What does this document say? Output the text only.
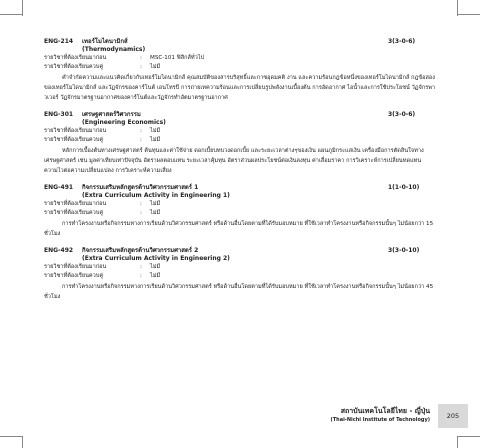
ENG-214	เทอร์โมไดนามิกส์
(Thermodynamics)
3(3-0-6)
รายวิชาที่ต้องเรียนมาก่อน	:	MSC-101 ฟิสิกส์ทั่วไป
รายวิชาที่ต้องเรียนควบคู่	:	ไม่มี
คำจำกัดความและแนวคิดเกี่ยวกับเทอร์โมไดนามิกส์ คุณสมบัติของสารบริสุทธิ์และกาซอุดมคติ งาน และความร้อนกฎข้อหนึ่งของเทอร์โมไดนามิกส์ กฎข้อสองของเทอร์โมไดนามิกส์ และวัฏจักรของคาร์โนต์ เอนโทรปี การถ่ายเทความร้อนและการเปลี่ยนรูปพลังงานเบื้องต้น การอัดอากาศ ไอน้ำและการใช้ประโยชน์ วัฏจักรพาวเวอร์ วัฏจักรมาตรฐานอากาศของคาร์โนต์และวัฏจักรทำอัตมาตรฐานอากาศ
ENG-301	เศรษฐศาสตร์วิศวกรรม
(Engineering Economics)
3(3-0-6)
รายวิชาที่ต้องเรียนมาก่อน	:	ไม่มี
รายวิชาที่ต้องเรียนควบคู่	:	ไม่มี
หลักการเบื้องต้นทางเศรษฐศาสตร์ ต้นทุนและค่าใช้จ่าย ดอกเบี้ยบทบวงดอกเบี้ย และระยะเวลาต่างๆของเงิน แผนภูมิกระแสเงิน เครื่องมือการตัดสินใจทางเศรษฐศาสตร์ เช่น มูลค่าเทียบเท่าปัจจุบัน อัตราผลตอบแทน ระยะเวลาคุ้มทุน อัตราส่วนผลประโยชน์ต่อเงินลงทุน ค่าเสื่อมราคา การวิเคราะห์การเปลี่ยนทดแทน ความไวต่อความเปลี่ยนแปลง การวิเคราะห์ความเสี่ยง
ENG-491	กิจกรรมเสริมหลักสูตรด้านวิศวกรรมศาสตร์ 1
(Extra Curriculum Activity in Engineering 1)
1(1-0-10)
รายวิชาที่ต้องเรียนมาก่อน	:	ไม่มี
รายวิชาที่ต้องเรียนควบคู่	:	ไม่มี
การทำโครงงานหรือกิจกรรมทางการเรียนด้านวิศวกรรมศาสตร์ หรือด้านอื่นโดยตามที่ได้รับมอบหมาย ที่ใช้เวลาทำโครงงานหรือกิจกรรมนั้นๆ ไม่น้อยกว่า 15 ชั่วโมง
ENG-492	กิจกรรมเสริมหลักสูตรด้านวิศวกรรมศาสตร์ 2
(Extra Curriculum Activity in Engineering 2)
3(3-0-10)
รายวิชาที่ต้องเรียนมาก่อน	:	ไม่มี
รายวิชาที่ต้องเรียนควบคู่	:	ไม่มี
การทำโครงงานหรือกิจกรรมทางการเรียนด้านวิศวกรรมศาสตร์ หรือด้านอื่นโดยตามที่ได้รับมอบหมาย ที่ใช้เวลาทำโครงงานหรือกิจกรรมนั้นๆ ไม่น้อยกว่า 45 ชั่วโมง
สถาบันเทคโนโลยีไทย - ญี่ปุ่น
(Thai-Nichi Institute of Technology)	205
